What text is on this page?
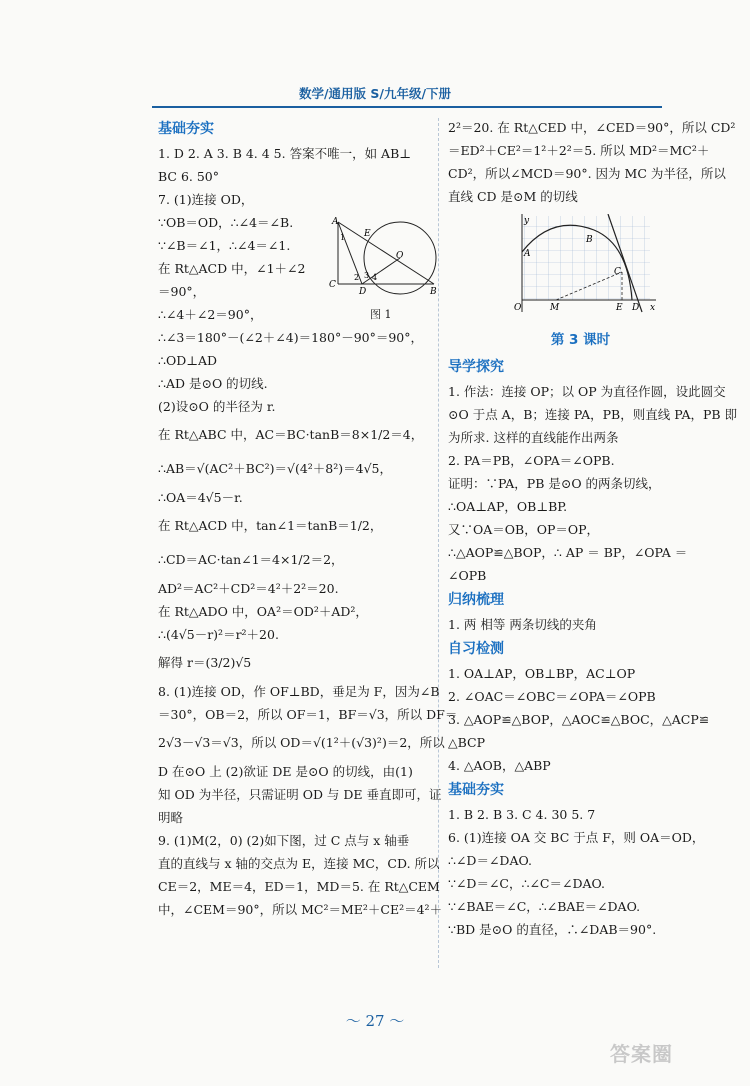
数学/通用版 S/九年级/下册
基础夯实
1. D 2. A 3. B 4. 4 5. 答案不唯一，如 AB⊥
BC 6. 50°
7. (1)连接 OD，
∵OB＝OD，∴∠4＝∠B.
∵∠B＝∠1，∴∠4＝∠1.
在 Rt△ACD 中，∠1＋∠2
＝90°，
∴∠4＋∠2＝90°，
∴∠3＝180°－(∠2＋∠4)＝180°－90°＝90°，
∴OD⊥AD
∴AD 是⊙O 的切线.
(2)设⊙O 的半径为 r.
在 Rt△ABC 中，AC＝BC·tanB＝8×1/2＝4，
∴AB＝√(AC²＋BC²)＝√(4²＋8²)＝4√5，
∴OA＝4√5－r.
在 Rt△ACD 中，tan∠1＝tanB＝1/2，
∴CD＝AC·tan∠1＝4×1/2＝2，
AD²＝AC²＋CD²＝4²＋2²＝20.
在 Rt△ADO 中，OA²＝OD²＋AD²，
∴(4√5－r)²＝r²＋20.
解得 r＝(3/2)√5
8. (1)连接 OD，作 OF⊥BD，垂足为 F，因为∠B
＝30°，OB＝2，所以 OF＝1，BF＝√3，所以 DF＝
2√3－√3＝√3，所以 OD＝√(1²＋(√3)²)＝2，所以
D 在⊙O 上 (2)欲证 DE 是⊙O 的切线，由(1)
知 OD 为半径，只需证明 OD 与 DE 垂直即可，证
明略
9. (1)M(2，0) (2)如下图，过 C 点与 x 轴垂
直的直线与 x 轴的交点为 E，连接 MC，CD. 所以
CE＝2，ME＝4，ED＝1，MD＝5. 在 Rt△CEM
中，∠CEM＝90°，所以 MC²＝ME²＋CE²＝4²＋
A
E
O
1
2 3 4
C
D	B
图 1
2²＝20. 在 Rt△CED 中，∠CED＝90°，所以 CD²
＝ED²＋CE²＝1²＋2²＝5. 所以 MD²＝MC²＋
CD²，所以∠MCD＝90°. 因为 MC 为半径，所以
直线 CD 是⊙M 的切线
第 3 课时
导学探究
1. 作法：连接 OP；以 OP 为直径作圆，设此圆交
⊙O 于点 A，B；连接 PA，PB，则直线 PA，PB 即
为所求. 这样的直线能作出两条
2. PA＝PB，∠OPA＝∠OPB.
证明：∵PA，PB 是⊙O 的两条切线，
∴OA⊥AP，OB⊥BP.
又∵OA＝OB，OP＝OP，
∴△AOP≌△BOP，∴ AP ＝ BP，∠OPA ＝
∠OPB
归纳梳理
1. 两 相等 两条切线的夹角
自习检测
1. OA⊥AP，OB⊥BP，AC⊥OP
2. ∠OAC＝∠OBC＝∠OPA＝∠OPB
3. △AOP≌△BOP，△AOC≌△BOC，△ACP≌
△BCP
4. △AOB，△ABP
基础夯实
1. B 2. B 3. C 4. 30 5. 7
6. (1)连接 OA 交 BC 于点 F，则 OA＝OD，
∴∠D＝∠DAO.
∵∠D＝∠C，∴∠C＝∠DAO.
∵∠BAE＝∠C，∴∠BAE＝∠DAO.
∵BD 是⊙O 的直径，∴∠DAB＝90°.
y
A
B
C
O	M	E D x
～ 27 ～
答案圈
